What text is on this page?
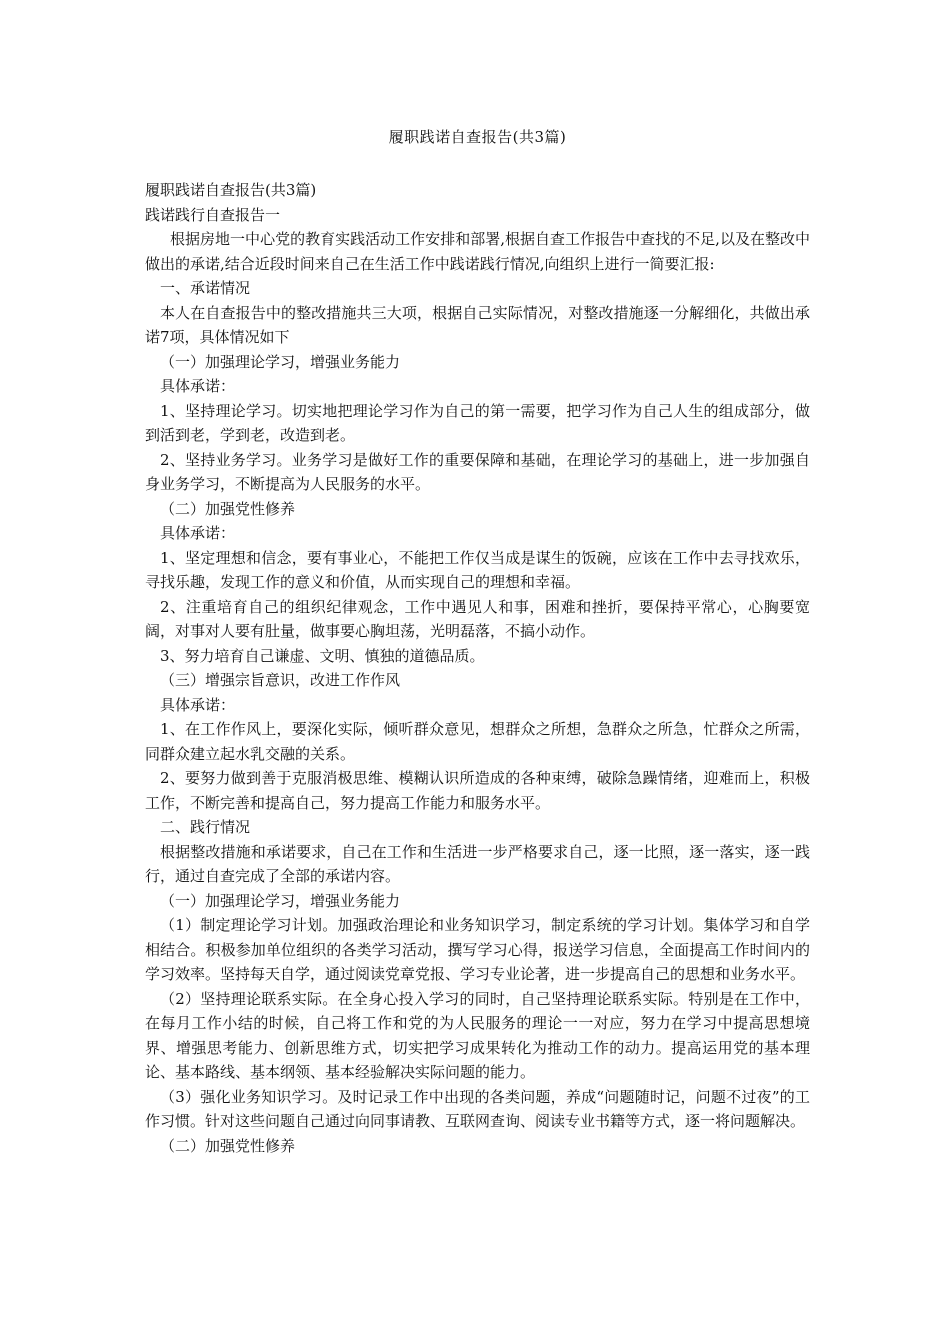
履职践诺自查报告(共3篇)

履职践诺自查报告(共3篇)

践诺践行自查报告一

根据房地一中心党的教育实践活动工作安排和部署,根据自查工作报告中查找的不足,以及在整改中做出的承诺,结合近段时间来自己在生活工作中践诺践行情况,向组织上进行一简要汇报:

一、承诺情况

本人在自查报告中的整改措施共三大项，根据自己实际情况，对整改措施逐一分解细化，共做出承诺7项，具体情况如下

（一）加强理论学习，增强业务能力

具体承诺：

1、坚持理论学习。切实地把理论学习作为自己的第一需要，把学习作为自己人生的组成部分，做到活到老，学到老，改造到老。

2、坚持业务学习。业务学习是做好工作的重要保障和基础，在理论学习的基础上，进一步加强自身业务学习，不断提高为人民服务的水平。

（二）加强党性修养

具体承诺：

1、坚定理想和信念，要有事业心，不能把工作仅当成是谋生的饭碗，应该在工作中去寻找欢乐，寻找乐趣，发现工作的意义和价值，从而实现自己的理想和幸福。

2、注重培育自己的组织纪律观念，工作中遇见人和事，困难和挫折，要保持平常心，心胸要宽阔，对事对人要有肚量，做事要心胸坦荡，光明磊落，不搞小动作。

3、努力培育自己谦虚、文明、慎独的道德品质。

（三）增强宗旨意识，改进工作作风

具体承诺：

1、在工作作风上，要深化实际，倾听群众意见，想群众之所想，急群众之所急，忙群众之所需，同群众建立起水乳交融的关系。

2、要努力做到善于克服消极思维、模糊认识所造成的各种束缚，破除急躁情绪，迎难而上，积极工作，不断完善和提高自己，努力提高工作能力和服务水平。

二、践行情况

根据整改措施和承诺要求，自己在工作和生活进一步严格要求自己，逐一比照，逐一落实，逐一践行，通过自查完成了全部的承诺内容。

（一）加强理论学习，增强业务能力

（1）制定理论学习计划。加强政治理论和业务知识学习，制定系统的学习计划。集体学习和自学相结合。积极参加单位组织的各类学习活动，撰写学习心得，报送学习信息，全面提高工作时间内的学习效率。坚持每天自学，通过阅读党章党报、学习专业论著，进一步提高自己的思想和业务水平。

（2）坚持理论联系实际。在全身心投入学习的同时，自己坚持理论联系实际。特别是在工作中，在每月工作小结的时候，自己将工作和党的为人民服务的理论一一对应，努力在学习中提高思想境界、增强思考能力、创新思维方式，切实把学习成果转化为推动工作的动力。提高运用党的基本理论、基本路线、基本纲领、基本经验解决实际问题的能力。

（3）强化业务知识学习。及时记录工作中出现的各类问题，养成“问题随时记，问题不过夜”的工作习惯。针对这些问题自己通过向同事请教、互联网查询、阅读专业书籍等方式，逐一将问题解决。

（二）加强党性修养
